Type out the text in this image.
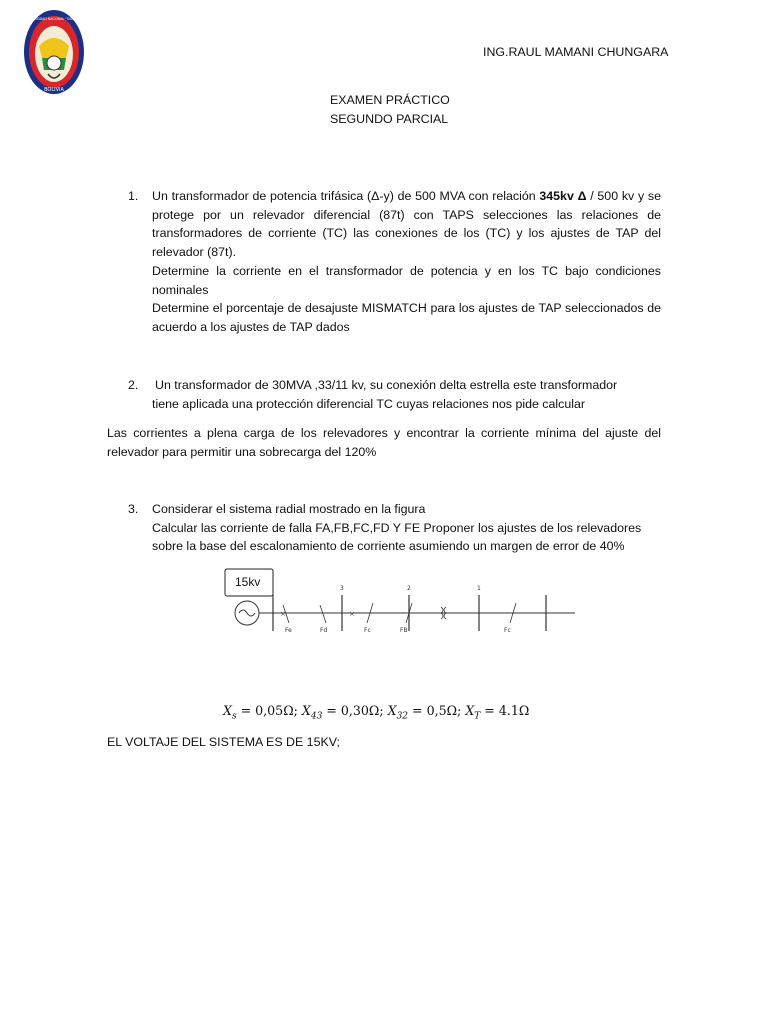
BOLIVIA
UNIVERSIDAD NACIONAL "SIGLO XX"
ING.RAUL MAMANI CHUNGARA
EXAMEN PRÁCTICO
SEGUNDO PARCIAL
1. Un transformador de potencia trifásica (Δ-y) de 500 MVA con relación 345kv Δ / 500 kv y se protege por un relevador diferencial (87t) con TAPS selecciones las relaciones de transformadores de corriente (TC) las conexiones de los (TC) y los ajustes de TAP del relevador (87t).
Determine la corriente en el transformador de potencia y en los TC bajo condiciones nominales
Determine el porcentaje de desajuste MISMATCH para los ajustes de TAP seleccionados de acuerdo a los ajustes de TAP dados
2. Un transformador de 30MVA ,33/11 kv, su conexión delta estrella este transformador
tiene aplicada una protección diferencial TC cuyas relaciones nos pide calcular
Las corrientes a plena carga de los relevadores y encontrar la corriente mínima del ajuste del relevador para permitir una sobrecarga del 120%
3. Considerar el sistema radial mostrado en la figura
Calcular las corriente de falla FA,FB,FC,FD Y FE Proponer los ajustes de los relevadores
sobre la base del escalonamiento de corriente asumiendo un margen de error de 40%
15kv	3	2	1
×	×
Fe	Fd	Fc	FB	Fc
$X_s = 0,05\Omega$; $X_{43} = 0,30\Omega$; $X_{32} = 0,5\Omega$; $X_T = 4.1\Omega$
EL VOLTAJE DEL SISTEMA ES DE 15KV;
